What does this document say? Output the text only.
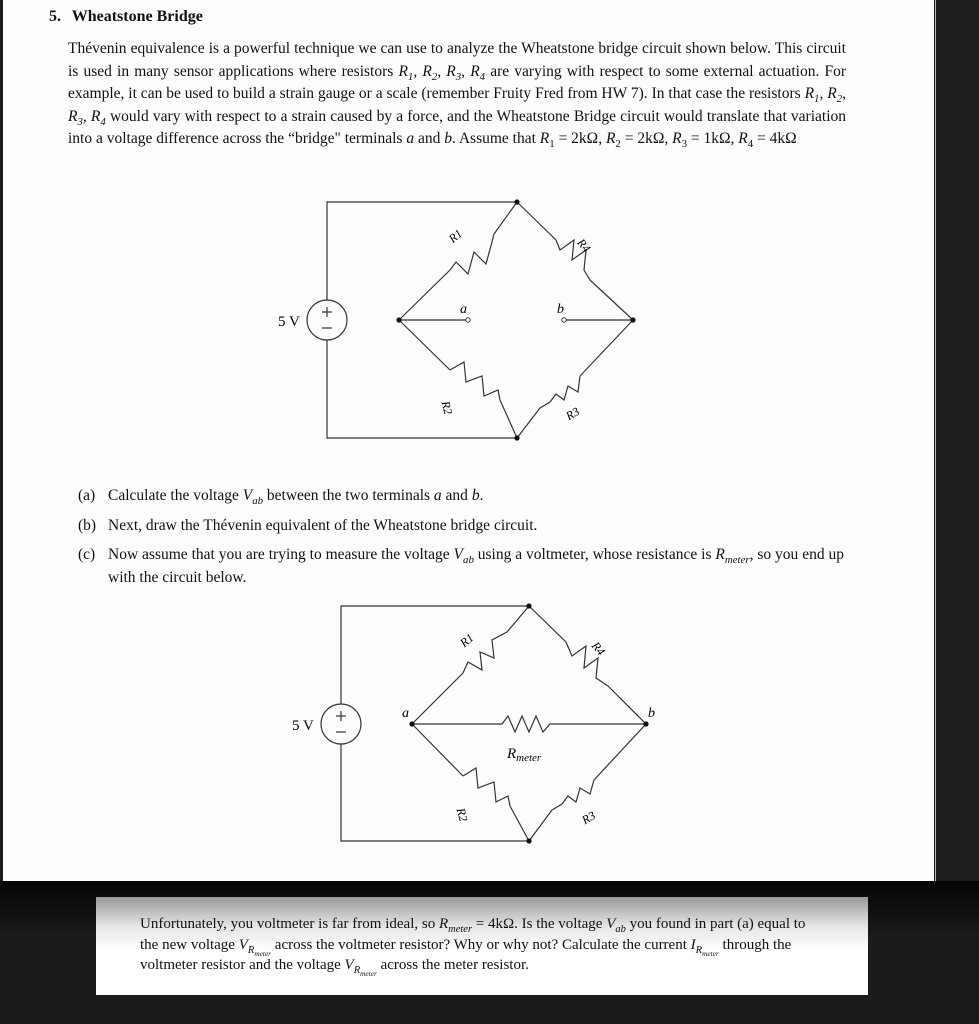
5. Wheatstone Bridge
Thévenin equivalence is a powerful technique we can use to analyze the Wheatstone bridge circuit shown below. This circuit is used in many sensor applications where resistors $R_1$, $R_2$, $R_3$, $R_4$ are varying with respect to some external actuation. For example, it can be used to build a strain gauge or a scale (remember Fruity Fred from HW 7). In that case the resistors $R_1$, $R_2$, $R_3$, $R_4$ would vary with respect to a strain caused by a force, and the Wheatstone Bridge circuit would translate that variation into a voltage difference across the “bridge" terminals a and b. Assume that $R_1 = 2k\Omega$, $R_2 = 2k\Omega$, $R_3 = 1k\Omega$, $R_4 = 4k\Omega$
5 V
a	b
R1	R4
R2	R3
(a) Calculate the voltage $V_{ab}$ between the two terminals a and b.
(b) Next, draw the Thévenin equivalent of the Wheatstone bridge circuit.
(c) Now assume that you are trying to measure the voltage $V_{ab}$ using a voltmeter, whose resistance is $R_{meter}$, so you end up with the circuit below.
5 V
a	b
$R_{meter}$
R1	R4
R2	R3
Unfortunately, you voltmeter is far from ideal, so $R_{meter} = 4k\Omega$. Is the voltage $V_{ab}$ you found in part (a) equal to the new voltage $V_{R_{meter}}$ across the voltmeter resistor? Why or why not? Calculate the current $I_{R_{meter}}$ through the voltmeter resistor and the voltage $V_{R_{meter}}$ across the meter resistor.
